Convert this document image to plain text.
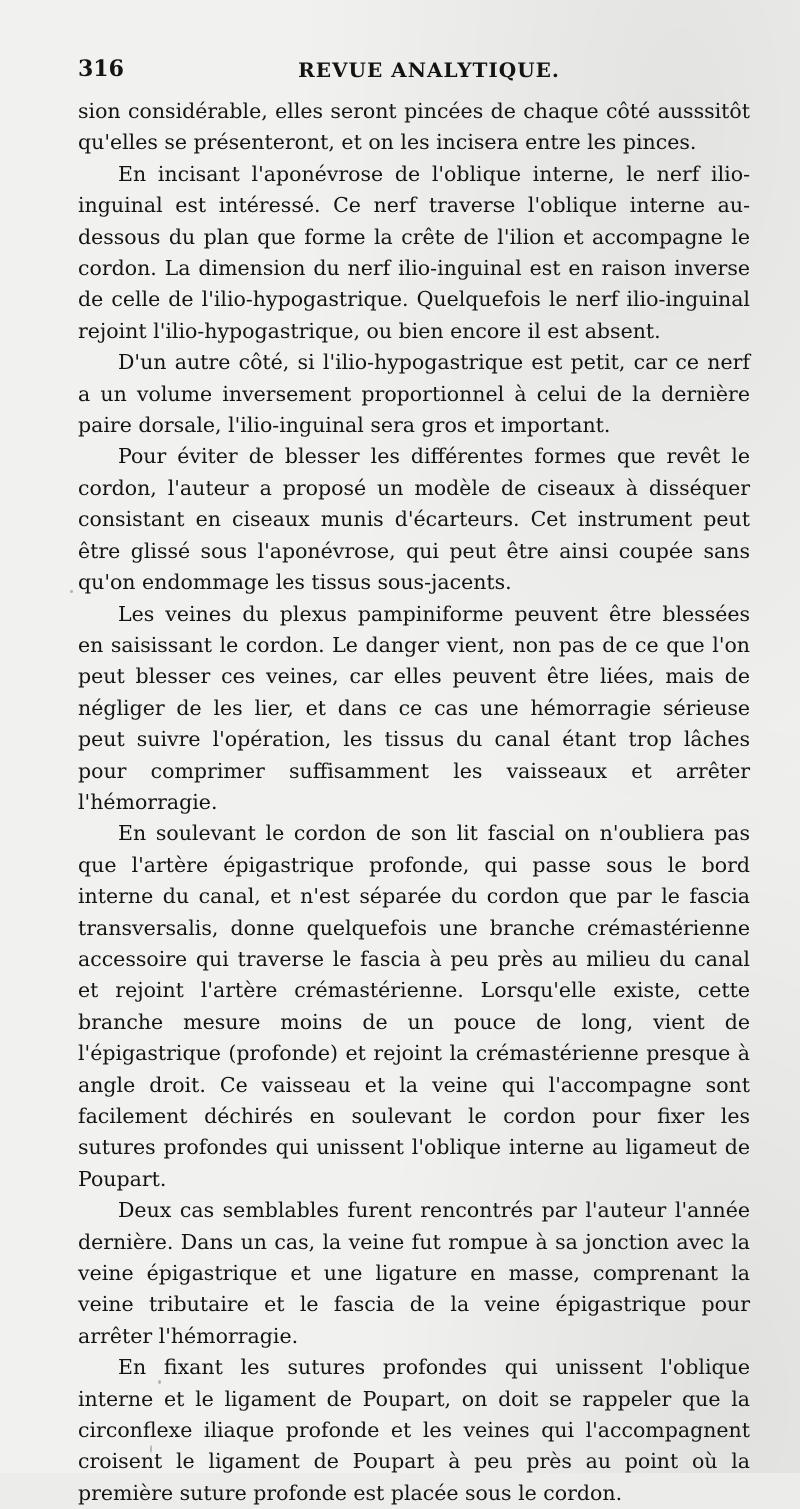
316	REVUE ANALYTIQUE.

sion considérable, elles seront pincées de chaque côté ausssitôt qu'elles se présenteront, et on les incisera entre les pinces.

En incisant l'aponévrose de l'oblique interne, le nerf ilio-inguinal est intéressé. Ce nerf traverse l'oblique interne au-dessous du plan que forme la crête de l'ilion et accompagne le cordon. La dimension du nerf ilio-inguinal est en raison inverse de celle de l'ilio-hypogastrique. Quelquefois le nerf ilio-inguinal rejoint l'ilio-hypogastrique, ou bien encore il est absent.

D'un autre côté, si l'ilio-hypogastrique est petit, car ce nerf a un volume inversement proportionnel à celui de la dernière paire dorsale, l'ilio-inguinal sera gros et important.

Pour éviter de blesser les différentes formes que revêt le cordon, l'auteur a proposé un modèle de ciseaux à disséquer consistant en ciseaux munis d'écarteurs. Cet instrument peut être glissé sous l'aponévrose, qui peut être ainsi coupée sans qu'on endommage les tissus sous-jacents.

Les veines du plexus pampiniforme peuvent être blessées en saisissant le cordon. Le danger vient, non pas de ce que l'on peut blesser ces veines, car elles peuvent être liées, mais de négliger de les lier, et dans ce cas une hémorragie sérieuse peut suivre l'opération, les tissus du canal étant trop lâches pour comprimer suffisamment les vaisseaux et arrêter l'hémorragie.

En soulevant le cordon de son lit fascial on n'oubliera pas que l'artère épigastrique profonde, qui passe sous le bord interne du canal, et n'est séparée du cordon que par le fascia transversalis, donne quelquefois une branche crémastérienne accessoire qui traverse le fascia à peu près au milieu du canal et rejoint l'artère crémastérienne. Lorsqu'elle existe, cette branche mesure moins de un pouce de long, vient de l'épigastrique (profonde) et rejoint la crémastérienne presque à angle droit. Ce vaisseau et la veine qui l'accompagne sont facilement déchirés en soulevant le cordon pour fixer les sutures profondes qui unissent l'oblique interne au ligameut de Poupart.

Deux cas semblables furent rencontrés par l'auteur l'année dernière. Dans un cas, la veine fut rompue à sa jonction avec la veine épigastrique et une ligature en masse, comprenant la veine tributaire et le fascia de la veine épigastrique pour arrêter l'hémorragie.

En fixant les sutures profondes qui unissent l'oblique interne et le ligament de Poupart, on doit se rappeler que la circonflexe iliaque profonde et les veines qui l'accompagnent croisent le ligament de Poupart à peu près au point où la première suture profonde est placée sous le cordon.
